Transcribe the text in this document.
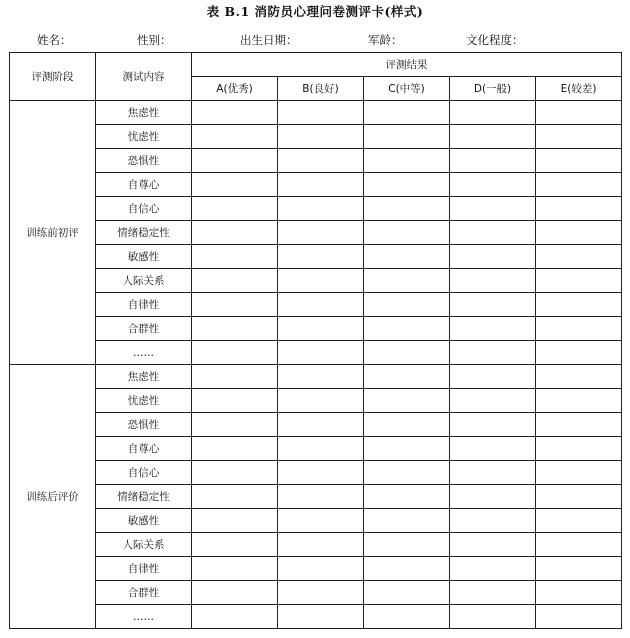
表 B.1 消防员心理问卷测评卡(样式)
姓名：	性别：	出生日期：	军龄：	文化程度：
评测阶段	测试内容	评测结果				
		A(优秀)	B(良好)	C(中等)	D(一般)	E(较差)
训练前初评	焦虑性					
	忧虑性					
	恐惧性					
	自尊心					
	自信心					
	情绪稳定性					
	敏感性					
	人际关系					
	自律性					
	合群性					
	……					
训练后评价	焦虑性					
	忧虑性					
	恐惧性					
	自尊心					
	自信心					
	情绪稳定性					
	敏感性					
	人际关系					
	自律性					
	合群性					
	……					
